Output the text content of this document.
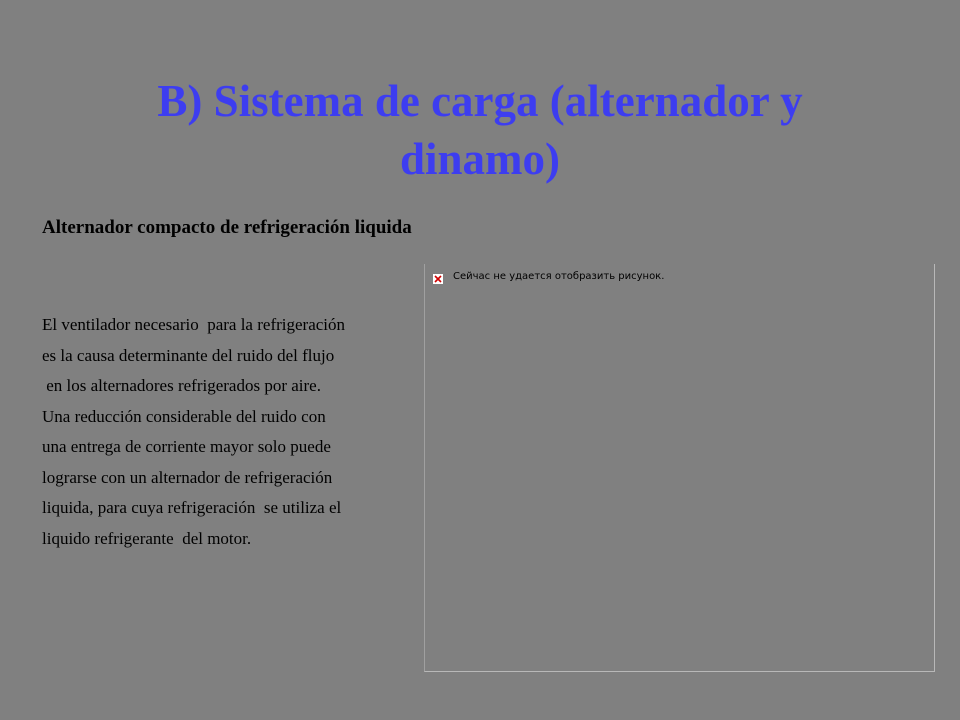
B) Sistema de carga (alternador y dinamo)

Alternador compacto de refrigeración liquida

El ventilador necesario  para la refrigeración
es la causa determinante del ruido del flujo
en los alternadores refrigerados por aire.
Una reducción considerable del ruido con
una entrega de corriente mayor solo puede
lograrse con un alternador de refrigeración
liquida, para cuya refrigeración  se utiliza el
liquido refrigerante  del motor.
Сейчас не удается отобразить рисунок.
